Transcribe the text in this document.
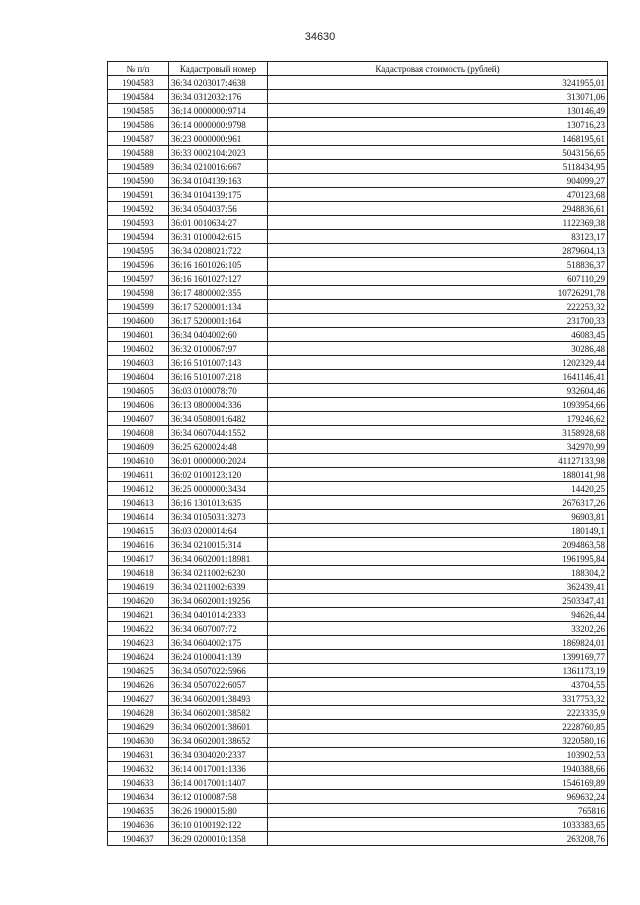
34630
№ п/п	Кадастровый номер	Кадастровая стоимость (рублей)
1904583	36:34 0203017:4638	3241955,01
1904584	36:34 0312032:176	313071,06
1904585	36:14 0000000:9714	130146,49
1904586	36:14 0000000:9798	130716,23
1904587	36:23 0000000:961	1468195,61
1904588	36:33 0002104:2023	5043156,65
1904589	36:34 0210016:667	5118434,95
1904590	36:34 0104139:163	904099,27
1904591	36:34 0104139:175	470123,68
1904592	36:34 0504037:56	2948836,61
1904593	36:01 0010634:27	1122369,38
1904594	36:31 0100042:615	83123,17
1904595	36:34 0208021:722	2879604,13
1904596	36:16 1601026:105	518836,37
1904597	36:16 1601027:127	607110,29
1904598	36:17 4800002:355	10726291,78
1904599	36:17 5200001:134	222253,32
1904600	36:17 5200001:164	231700,33
1904601	36:34 0404002:60	46083,45
1904602	36:32 0100067:97	30286,48
1904603	36:16 5101007:143	1202329,44
1904604	36:16 5101007:218	1641146,41
1904605	36:03 0100078:70	932604,46
1904606	36:13 0800004:336	1093954,66
1904607	36:34 0508001:6482	179246,62
1904608	36:34 0607044:1552	3158928,68
1904609	36:25 6200024:48	342970,99
1904610	36:01 0000000:2024	41127133,98
1904611	36:02 0100123:120	1880141,98
1904612	36:25 0000000:3434	14420,25
1904613	36:16 1301013:635	2676317,26
1904614	36:34 0105031:3273	96903,81
1904615	36:03 0200014:64	180149,1
1904616	36:34 0210015:314	2094863,58
1904617	36:34 0602001:18981	1961995,84
1904618	36:34 0211002:6230	188304,2
1904619	36:34 0211002:6339	362439,41
1904620	36:34 0602001:19256	2503347,41
1904621	36:34 0401014:2333	94626,44
1904622	36:34 0607007:72	33202,26
1904623	36:34 0604002:175	1869824,01
1904624	36:24 0100041:139	1399169,77
1904625	36:34 0507022:5966	1361173,19
1904626	36:34 0507022:6057	43704,55
1904627	36:34 0602001:38493	3317753,32
1904628	36:34 0602001:38582	2223335,9
1904629	36:34 0602001:38601	2228760,85
1904630	36:34 0602001:38652	3220580,16
1904631	36:34 0304020:2337	103902,53
1904632	36:14 0017001:1336	1940388,66
1904633	36:14 0017001:1407	1546169,89
1904634	36:12 0100087:58	969632,24
1904635	36:26 1900015:80	765816
1904636	36:10 0100192:122	1033383,65
1904637	36:29 0200010:1358	263208,76
